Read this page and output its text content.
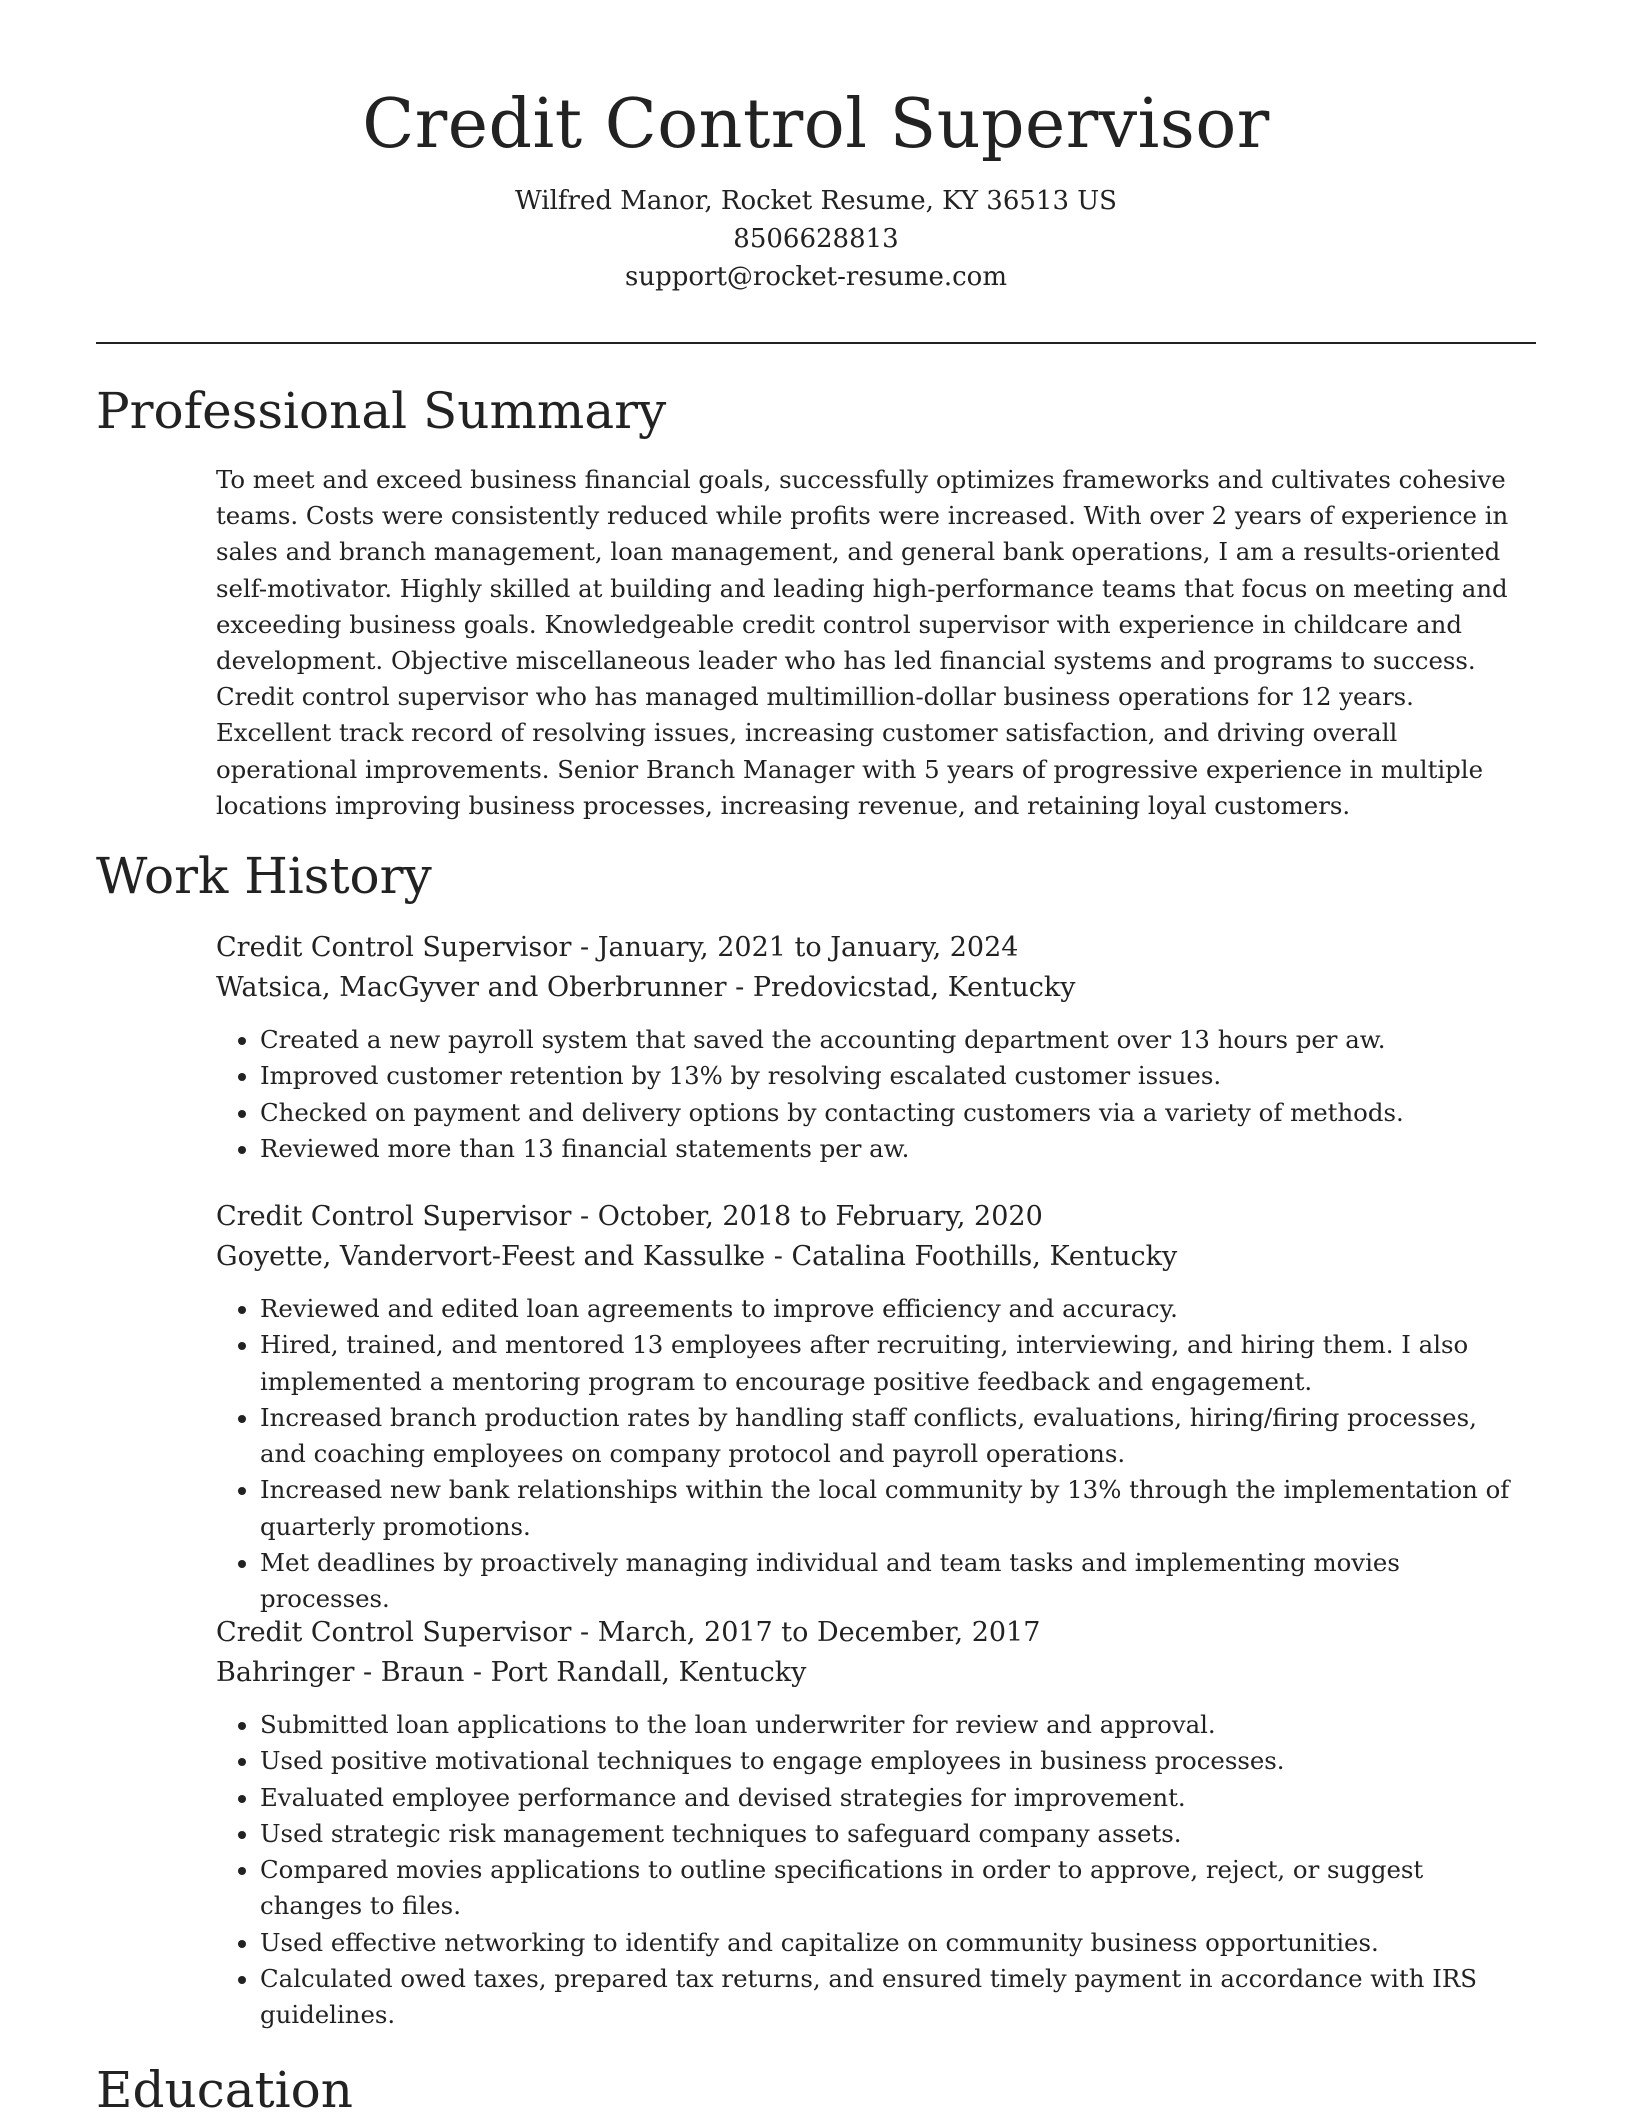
Credit Control Supervisor
Wilfred Manor, Rocket Resume, KY 36513 US
8506628813
support@rocket-resume.com
Professional Summary

To meet and exceed business financial goals, successfully optimizes frameworks and cultivates cohesive teams. Costs were consistently reduced while profits were increased. With over 2 years of experience in sales and branch management, loan management, and general bank operations, I am a results-oriented self-motivator. Highly skilled at building and leading high-performance teams that focus on meeting and exceeding business goals. Knowledgeable credit control supervisor with experience in childcare and development. Objective miscellaneous leader who has led financial systems and programs to success. Credit control supervisor who has managed multimillion-dollar business operations for 12 years. Excellent track record of resolving issues, increasing customer satisfaction, and driving overall operational improvements. Senior Branch Manager with 5 years of progressive experience in multiple locations improving business processes, increasing revenue, and retaining loyal customers.

Work History
Credit Control Supervisor - January, 2021 to January, 2024
Watsica, MacGyver and Oberbrunner - Predovicstad, Kentucky
• Created a new payroll system that saved the accounting department over 13 hours per aw.
• Improved customer retention by 13% by resolving escalated customer issues.
• Checked on payment and delivery options by contacting customers via a variety of methods.
• Reviewed more than 13 financial statements per aw.
Credit Control Supervisor - October, 2018 to February, 2020
Goyette, Vandervort-Feest and Kassulke - Catalina Foothills, Kentucky
• Reviewed and edited loan agreements to improve efficiency and accuracy.
• Hired, trained, and mentored 13 employees after recruiting, interviewing, and hiring them. I also implemented a mentoring program to encourage positive feedback and engagement.
• Increased branch production rates by handling staff conflicts, evaluations, hiring/firing processes, and coaching employees on company protocol and payroll operations.
• Increased new bank relationships within the local community by 13% through the implementation of quarterly promotions.
• Met deadlines by proactively managing individual and team tasks and implementing movies processes.
Credit Control Supervisor - March, 2017 to December, 2017
Bahringer - Braun - Port Randall, Kentucky
• Submitted loan applications to the loan underwriter for review and approval.
• Used positive motivational techniques to engage employees in business processes.
• Evaluated employee performance and devised strategies for improvement.
• Used strategic risk management techniques to safeguard company assets.
• Compared movies applications to outline specifications in order to approve, reject, or suggest changes to files.
• Used effective networking to identify and capitalize on community business opportunities.
• Calculated owed taxes, prepared tax returns, and ensured timely payment in accordance with IRS guidelines.
Education
